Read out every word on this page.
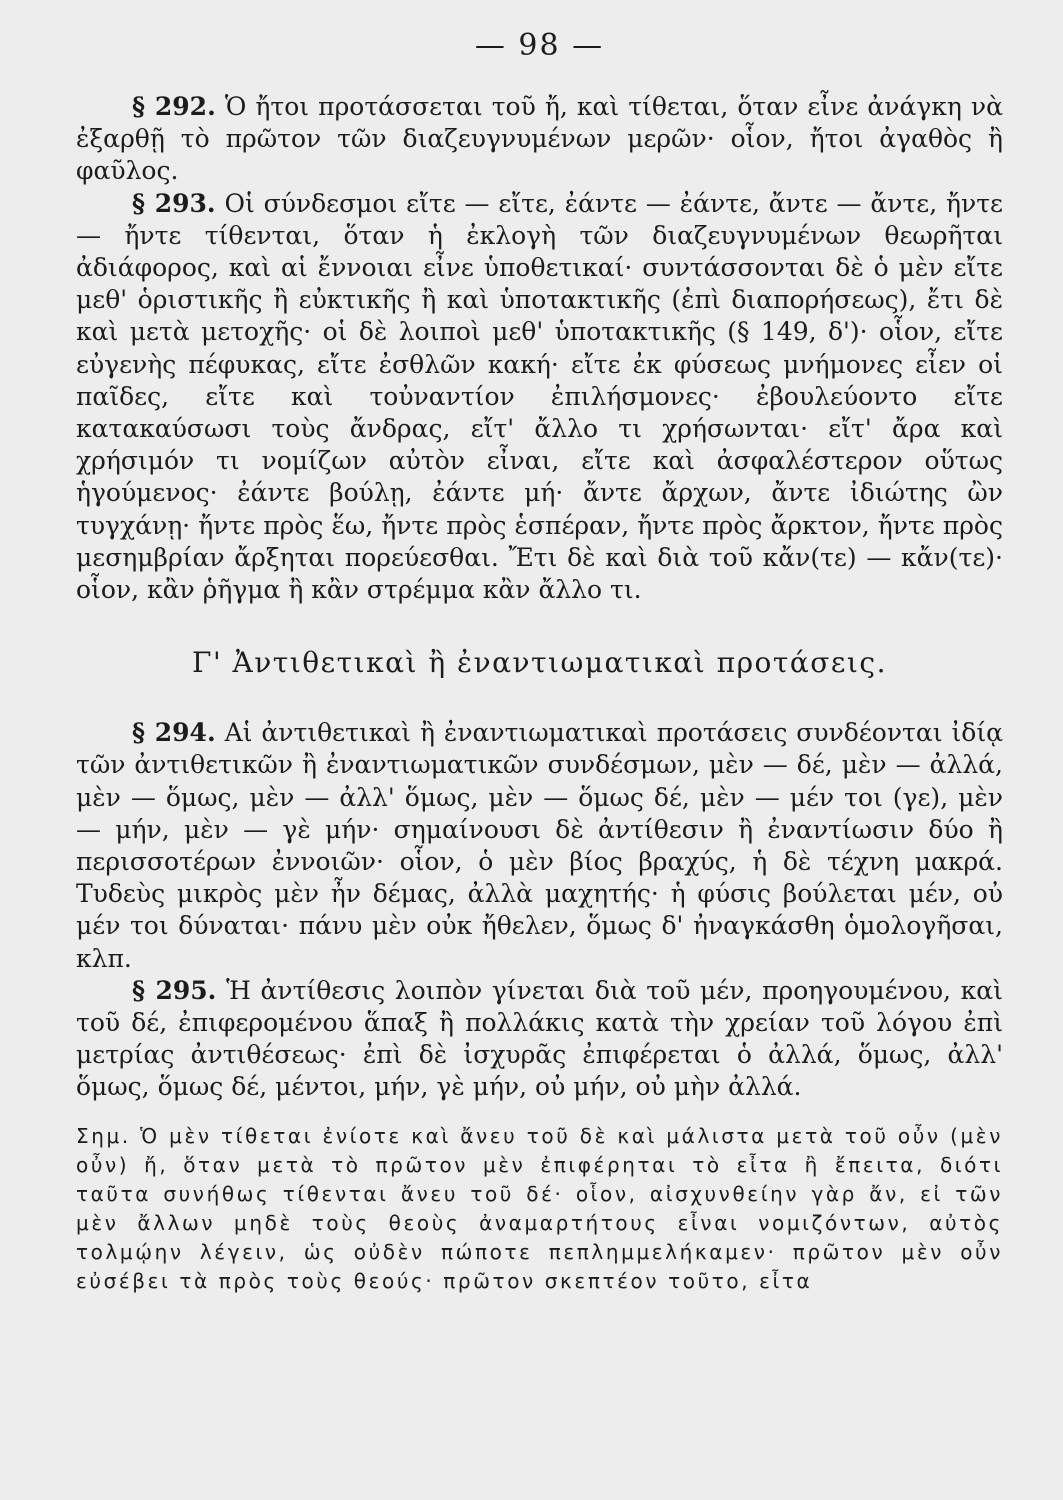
— 98 —

§ 292. Ὁ ἤτοι προτάσσεται τοῦ ἤ, καὶ τίθεται, ὅταν εἶνε ἀνάγκη νὰ ἐξαρθῇ τὸ πρῶτον τῶν διαζευγνυμένων μερῶν· οἷον, ἤτοι ἀγαθὸς ἢ φαῦλος.

§ 293. Οἱ σύνδεσμοι εἴτε — εἴτε, ἐάντε — ἐάντε, ἄντε — ἄντε, ἤντε — ἤντε τίθενται, ὅταν ἡ ἐκλογὴ τῶν διαζευγνυμένων θεωρῆται ἀδιάφορος, καὶ αἱ ἔννοιαι εἶνε ὑποθετικαί· συντάσσονται δὲ ὁ μὲν εἴτε μεθ' ὁριστικῆς ἢ εὐκτικῆς ἢ καὶ ὑποτακτικῆς (ἐπὶ διαπορήσεως), ἔτι δὲ καὶ μετὰ μετοχῆς· οἱ δὲ λοιποὶ μεθ' ὑποτακτικῆς (§ 149, δ')· οἷον, εἴτε εὐγενὴς πέφυκας, εἴτε ἐσθλῶν κακή· εἴτε ἐκ φύσεως μνήμονες εἶεν οἱ παῖδες, εἴτε καὶ τοὐναντίον ἐπιλήσμονες· ἐβουλεύοντο εἴτε κατακαύσωσι τοὺς ἄνδρας, εἴτ' ἄλλο τι χρήσωνται· εἴτ' ἄρα καὶ χρήσιμόν τι νομίζων αὐτὸν εἶναι, εἴτε καὶ ἀσφαλέστερον οὕτως ἡγούμενος· ἐάντε βούλῃ, ἐάντε μή· ἄντε ἄρχων, ἄντε ἰδιώτης ὢν τυγχάνῃ· ἤντε πρὸς ἕω, ἤντε πρὸς ἑσπέραν, ἤντε πρὸς ἄρκτον, ἤντε πρὸς μεσημβρίαν ἄρξηται πορεύεσθαι. Ἔτι δὲ καὶ διὰ τοῦ κἄν(τε) — κἄν(τε)· οἷον, κἂν ῥῆγμα ἢ κἂν στρέμμα κἂν ἄλλο τι.

Γ' Ἀντιθετικαὶ ἢ ἐναντιωματικαὶ προτάσεις.

§ 294. Αἱ ἀντιθετικαὶ ἢ ἐναντιωματικαὶ προτάσεις συνδέονται ἰδίᾳ τῶν ἀντιθετικῶν ἢ ἐναντιωματικῶν συνδέσμων, μὲν — δέ, μὲν — ἀλλά, μὲν — ὅμως, μὲν — ἀλλ' ὅμως, μὲν — ὅμως δέ, μὲν — μέν τοι (γε), μὲν — μήν, μὲν — γὲ μήν· σημαίνουσι δὲ ἀντίθεσιν ἢ ἐναντίωσιν δύο ἢ περισσοτέρων ἐννοιῶν· οἷον, ὁ μὲν βίος βραχύς, ἡ δὲ τέχνη μακρά. Τυδεὺς μικρὸς μὲν ἦν δέμας, ἀλλὰ μαχητής· ἡ φύσις βούλεται μέν, οὐ μέν τοι δύναται· πάνυ μὲν οὐκ ἤθελεν, ὅμως δ' ἠναγκάσθη ὁμολογῆσαι, κλπ.

§ 295. Ἡ ἀντίθεσις λοιπὸν γίνεται διὰ τοῦ μέν, προηγουμένου, καὶ τοῦ δέ, ἐπιφερομένου ἅπαξ ἢ πολλάκις κατὰ τὴν χρείαν τοῦ λόγου ἐπὶ μετρίας ἀντιθέσεως· ἐπὶ δὲ ἰσχυρᾶς ἐπιφέρεται ὁ ἀλλά, ὅμως, ἀλλ' ὅμως, ὅμως δέ, μέντοι, μήν, γὲ μήν, οὐ μήν, οὐ μὴν ἀλλά.

Σημ. Ὁ μὲν τίθεται ἐνίοτε καὶ ἄνευ τοῦ δὲ καὶ μάλιστα μετὰ τοῦ οὖν (μὲν οὖν) ἤ, ὅταν μετὰ τὸ πρῶτον μὲν ἐπιφέρηται τὸ εἶτα ἢ ἔπειτα, διότι ταῦτα συνήθως τίθενται ἄνευ τοῦ δέ· οἷον, αἰσχυνθείην γὰρ ἄν, εἰ τῶν μὲν ἄλλων μηδὲ τοὺς θεοὺς ἀναμαρτήτους εἶναι νομιζόντων, αὐτὸς τολμῴην λέγειν, ὡς οὐδὲν πώποτε πεπλημμελήκαμεν· πρῶτον μὲν οὖν εὐσέβει τὰ πρὸς τοὺς θεούς· πρῶτον σκεπτέον τοῦτο, εἶτα
